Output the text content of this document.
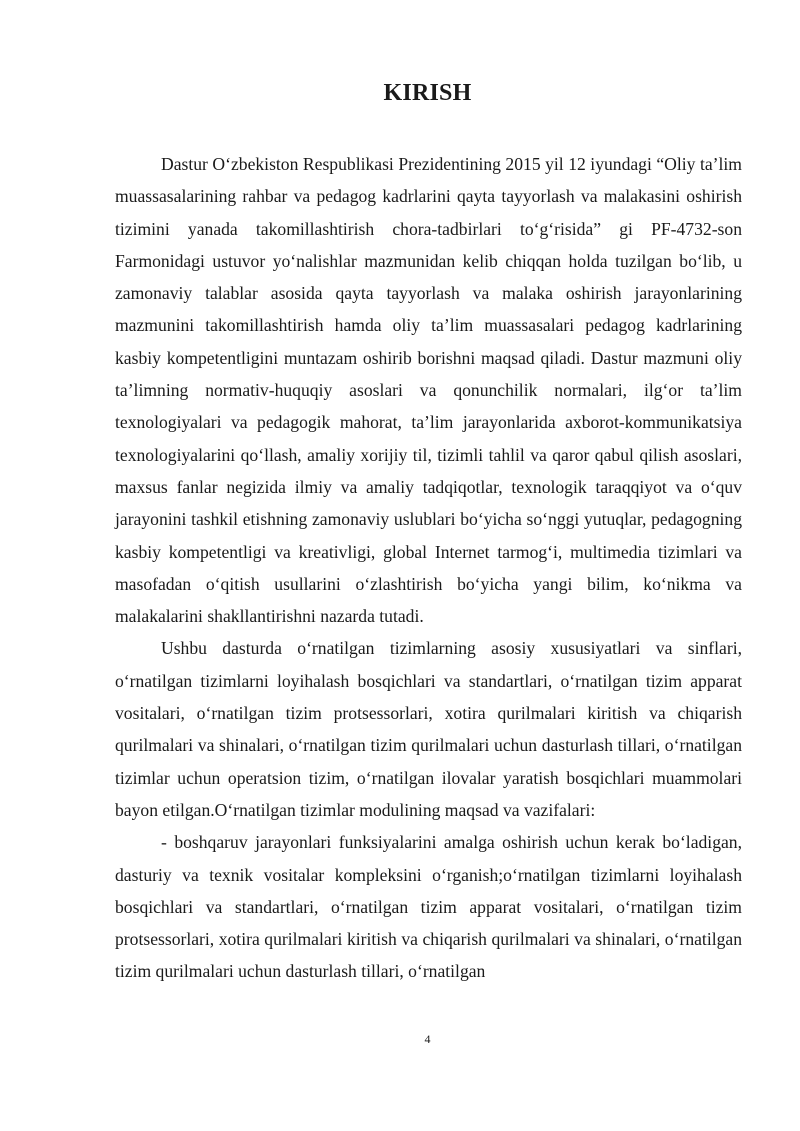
KIRISH

Dastur O‘zbekiston Respublikasi Prezidentining 2015 yil 12 iyundagi “Oliy ta’lim muassasalarining rahbar va pedagog kadrlarini qayta tayyorlash va malakasini oshirish tizimini yanada takomillashtirish chora-tadbirlari to‘g‘risida” gi PF-4732-son Farmonidagi ustuvor yo‘nalishlar mazmunidan kelib chiqqan holda tuzilgan bo‘lib, u zamonaviy talablar asosida qayta tayyorlash va malaka oshirish jarayonlarining mazmunini takomillashtirish hamda oliy ta’lim muassasalari pedagog kadrlarining kasbiy kompetentligini muntazam oshirib borishni maqsad qiladi. Dastur mazmuni oliy ta’limning normativ-huquqiy asoslari va qonunchilik normalari, ilg‘or ta’lim texnologiyalari va pedagogik mahorat, ta’lim jarayonlarida axborot-kommunikatsiya texnologiyalarini qo‘llash, amaliy xorijiy til, tizimli tahlil va qaror qabul qilish asoslari, maxsus fanlar negizida ilmiy va amaliy tadqiqotlar, texnologik taraqqiyot va o‘quv jarayonini tashkil etishning zamonaviy uslublari bo‘yicha so‘nggi yutuqlar, pedagogning kasbiy kompetentligi va kreativligi, global Internet tarmog‘i, multimedia tizimlari va masofadan o‘qitish usullarini o‘zlashtirish bo‘yicha yangi bilim, ko‘nikma va malakalarini shakllantirishni nazarda tutadi.

Ushbu dasturda o‘rnatilgan tizimlarning asosiy xususiyatlari va sinflari, o‘rnatilgan tizimlarni loyihalash bosqichlari va standartlari, o‘rnatilgan tizim apparat vositalari, o‘rnatilgan tizim protsessorlari, xotira qurilmalari kiritish va chiqarish qurilmalari va shinalari, o‘rnatilgan tizim qurilmalari uchun dasturlash tillari, o‘rnatilgan tizimlar uchun operatsion tizim, o‘rnatilgan ilovalar yaratish bosqichlari muammolari bayon etilgan.O‘rnatilgan tizimlar modulining maqsad va vazifalari:

- boshqaruv jarayonlari funksiyalarini amalga oshirish uchun kerak bo‘ladigan, dasturiy va texnik vositalar kompleksini o‘rganish;o‘rnatilgan tizimlarni loyihalash bosqichlari va standartlari, o‘rnatilgan tizim apparat vositalari, o‘rnatilgan tizim protsessorlari, xotira qurilmalari kiritish va chiqarish qurilmalari va shinalari, o‘rnatilgan tizim qurilmalari uchun dasturlash tillari, o‘rnatilgan

4
